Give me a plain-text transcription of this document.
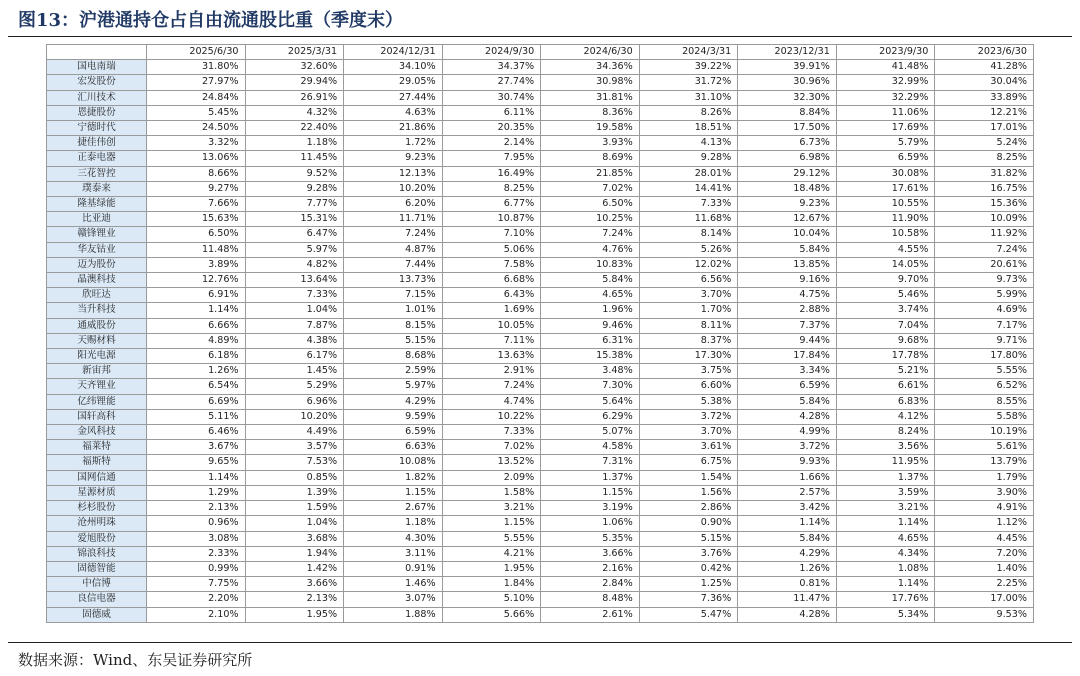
图13：沪港通持仓占自由流通股比重（季度末）
	2025/6/30	2025/3/31	2024/12/31	2024/9/30	2024/6/30	2024/3/31	2023/12/31	2023/9/30	2023/6/30
国电南瑞	31.80%	32.60%	34.10%	34.37%	34.36%	39.22%	39.91%	41.48%	41.28%
宏发股份	27.97%	29.94%	29.05%	27.74%	30.98%	31.72%	30.96%	32.99%	30.04%
汇川技术	24.84%	26.91%	27.44%	30.74%	31.81%	31.10%	32.30%	32.29%	33.89%
恩捷股份	5.45%	4.32%	4.63%	6.11%	8.36%	8.26%	8.84%	11.06%	12.21%
宁德时代	24.50%	22.40%	21.86%	20.35%	19.58%	18.51%	17.50%	17.69%	17.01%
捷佳伟创	3.32%	1.18%	1.72%	2.14%	3.93%	4.13%	6.73%	5.79%	5.24%
正泰电器	13.06%	11.45%	9.23%	7.95%	8.69%	9.28%	6.98%	6.59%	8.25%
三花智控	8.66%	9.52%	12.13%	16.49%	21.85%	28.01%	29.12%	30.08%	31.82%
璞泰来	9.27%	9.28%	10.20%	8.25%	7.02%	14.41%	18.48%	17.61%	16.75%
隆基绿能	7.66%	7.77%	6.20%	6.77%	6.50%	7.33%	9.23%	10.55%	15.36%
比亚迪	15.63%	15.31%	11.71%	10.87%	10.25%	11.68%	12.67%	11.90%	10.09%
赣锋锂业	6.50%	6.47%	7.24%	7.10%	7.24%	8.14%	10.04%	10.58%	11.92%
华友钴业	11.48%	5.97%	4.87%	5.06%	4.76%	5.26%	5.84%	4.55%	7.24%
迈为股份	3.89%	4.82%	7.44%	7.58%	10.83%	12.02%	13.85%	14.05%	20.61%
晶澳科技	12.76%	13.64%	13.73%	6.68%	5.84%	6.56%	9.16%	9.70%	9.73%
欣旺达	6.91%	7.33%	7.15%	6.43%	4.65%	3.70%	4.75%	5.46%	5.99%
当升科技	1.14%	1.04%	1.01%	1.69%	1.96%	1.70%	2.88%	3.74%	4.69%
通威股份	6.66%	7.87%	8.15%	10.05%	9.46%	8.11%	7.37%	7.04%	7.17%
天赐材料	4.89%	4.38%	5.15%	7.11%	6.31%	8.37%	9.44%	9.68%	9.71%
阳光电源	6.18%	6.17%	8.68%	13.63%	15.38%	17.30%	17.84%	17.78%	17.80%
新宙邦	1.26%	1.45%	2.59%	2.91%	3.48%	3.75%	3.34%	5.21%	5.55%
天齐锂业	6.54%	5.29%	5.97%	7.24%	7.30%	6.60%	6.59%	6.61%	6.52%
亿纬锂能	6.69%	6.96%	4.29%	4.74%	5.64%	5.38%	5.84%	6.83%	8.55%
国轩高科	5.11%	10.20%	9.59%	10.22%	6.29%	3.72%	4.28%	4.12%	5.58%
金风科技	6.46%	4.49%	6.59%	7.33%	5.07%	3.70%	4.99%	8.24%	10.19%
福莱特	3.67%	3.57%	6.63%	7.02%	4.58%	3.61%	3.72%	3.56%	5.61%
福斯特	9.65%	7.53%	10.08%	13.52%	7.31%	6.75%	9.93%	11.95%	13.79%
国网信通	1.14%	0.85%	1.82%	2.09%	1.37%	1.54%	1.66%	1.37%	1.79%
星源材质	1.29%	1.39%	1.15%	1.58%	1.15%	1.56%	2.57%	3.59%	3.90%
杉杉股份	2.13%	1.59%	2.67%	3.21%	3.19%	2.86%	3.42%	3.21%	4.91%
沧州明珠	0.96%	1.04%	1.18%	1.15%	1.06%	0.90%	1.14%	1.14%	1.12%
爱旭股份	3.08%	3.68%	4.30%	5.55%	5.35%	5.15%	5.84%	4.65%	4.45%
锦浪科技	2.33%	1.94%	3.11%	4.21%	3.66%	3.76%	4.29%	4.34%	7.20%
固德智能	0.99%	1.42%	0.91%	1.95%	2.16%	0.42%	1.26%	1.08%	1.40%
中信博	7.75%	3.66%	1.46%	1.84%	2.84%	1.25%	0.81%	1.14%	2.25%
良信电器	2.20%	2.13%	3.07%	5.10%	8.48%	7.36%	11.47%	17.76%	17.00%
固德威	2.10%	1.95%	1.88%	5.66%	2.61%	5.47%	4.28%	5.34%	9.53%
数据来源：Wind、东吴证券研究所
